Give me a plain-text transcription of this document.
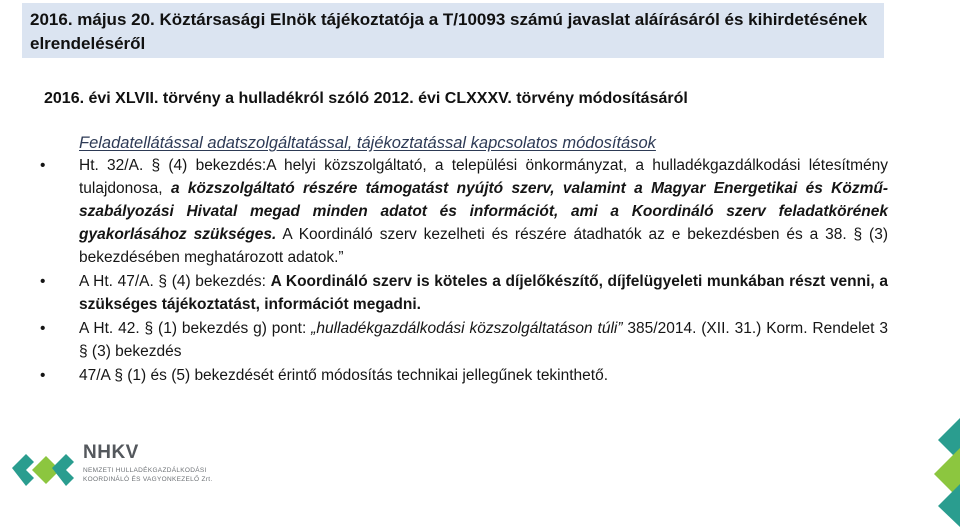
2016. május 20. Köztársasági Elnök tájékoztatója a T/10093 számú javaslat aláírásáról és kihirdetésének elrendeléséről

2016. évi XLVII. törvény a hulladékról szóló 2012. évi CLXXXV. törvény módosításáról
Feladatellátással adatszolgáltatással, tájékoztatással kapcsolatos módosítások
•	Ht. 32/A. § (4) bekezdés:A helyi közszolgáltató, a települési önkormányzat, a hulladékgazdálkodási létesítmény tulajdonosa, a közszolgáltató részére támogatást nyújtó szerv, valamint a Magyar Energetikai és Közmű-szabályozási Hivatal megad minden adatot és információt, ami a Koordináló szerv feladatkörének gyakorlásához szükséges. A Koordináló szerv kezelheti és részére átadhatók az e bekezdésben és a 38. § (3) bekezdésében meghatározott adatok.”
•	A Ht. 47/A. § (4) bekezdés: A Koordináló szerv is köteles a díjelőkészítő, díjfelügyeleti munkában részt venni, a szükséges tájékoztatást, információt megadni.
•	A Ht. 42. § (1) bekezdés g) pont: „hulladékgazdálkodási közszolgáltatáson túli” 385/2014. (XII. 31.) Korm. Rendelet 3 § (3) bekezdés
•	47/A § (1) és (5) bekezdését érintő módosítás technikai jellegűnek tekinthető.
NHKV
NEMZETI HULLADÉKGAZDÁLKODÁSI
KOORDINÁLÓ ÉS VAGYONKEZELŐ Zrt.
